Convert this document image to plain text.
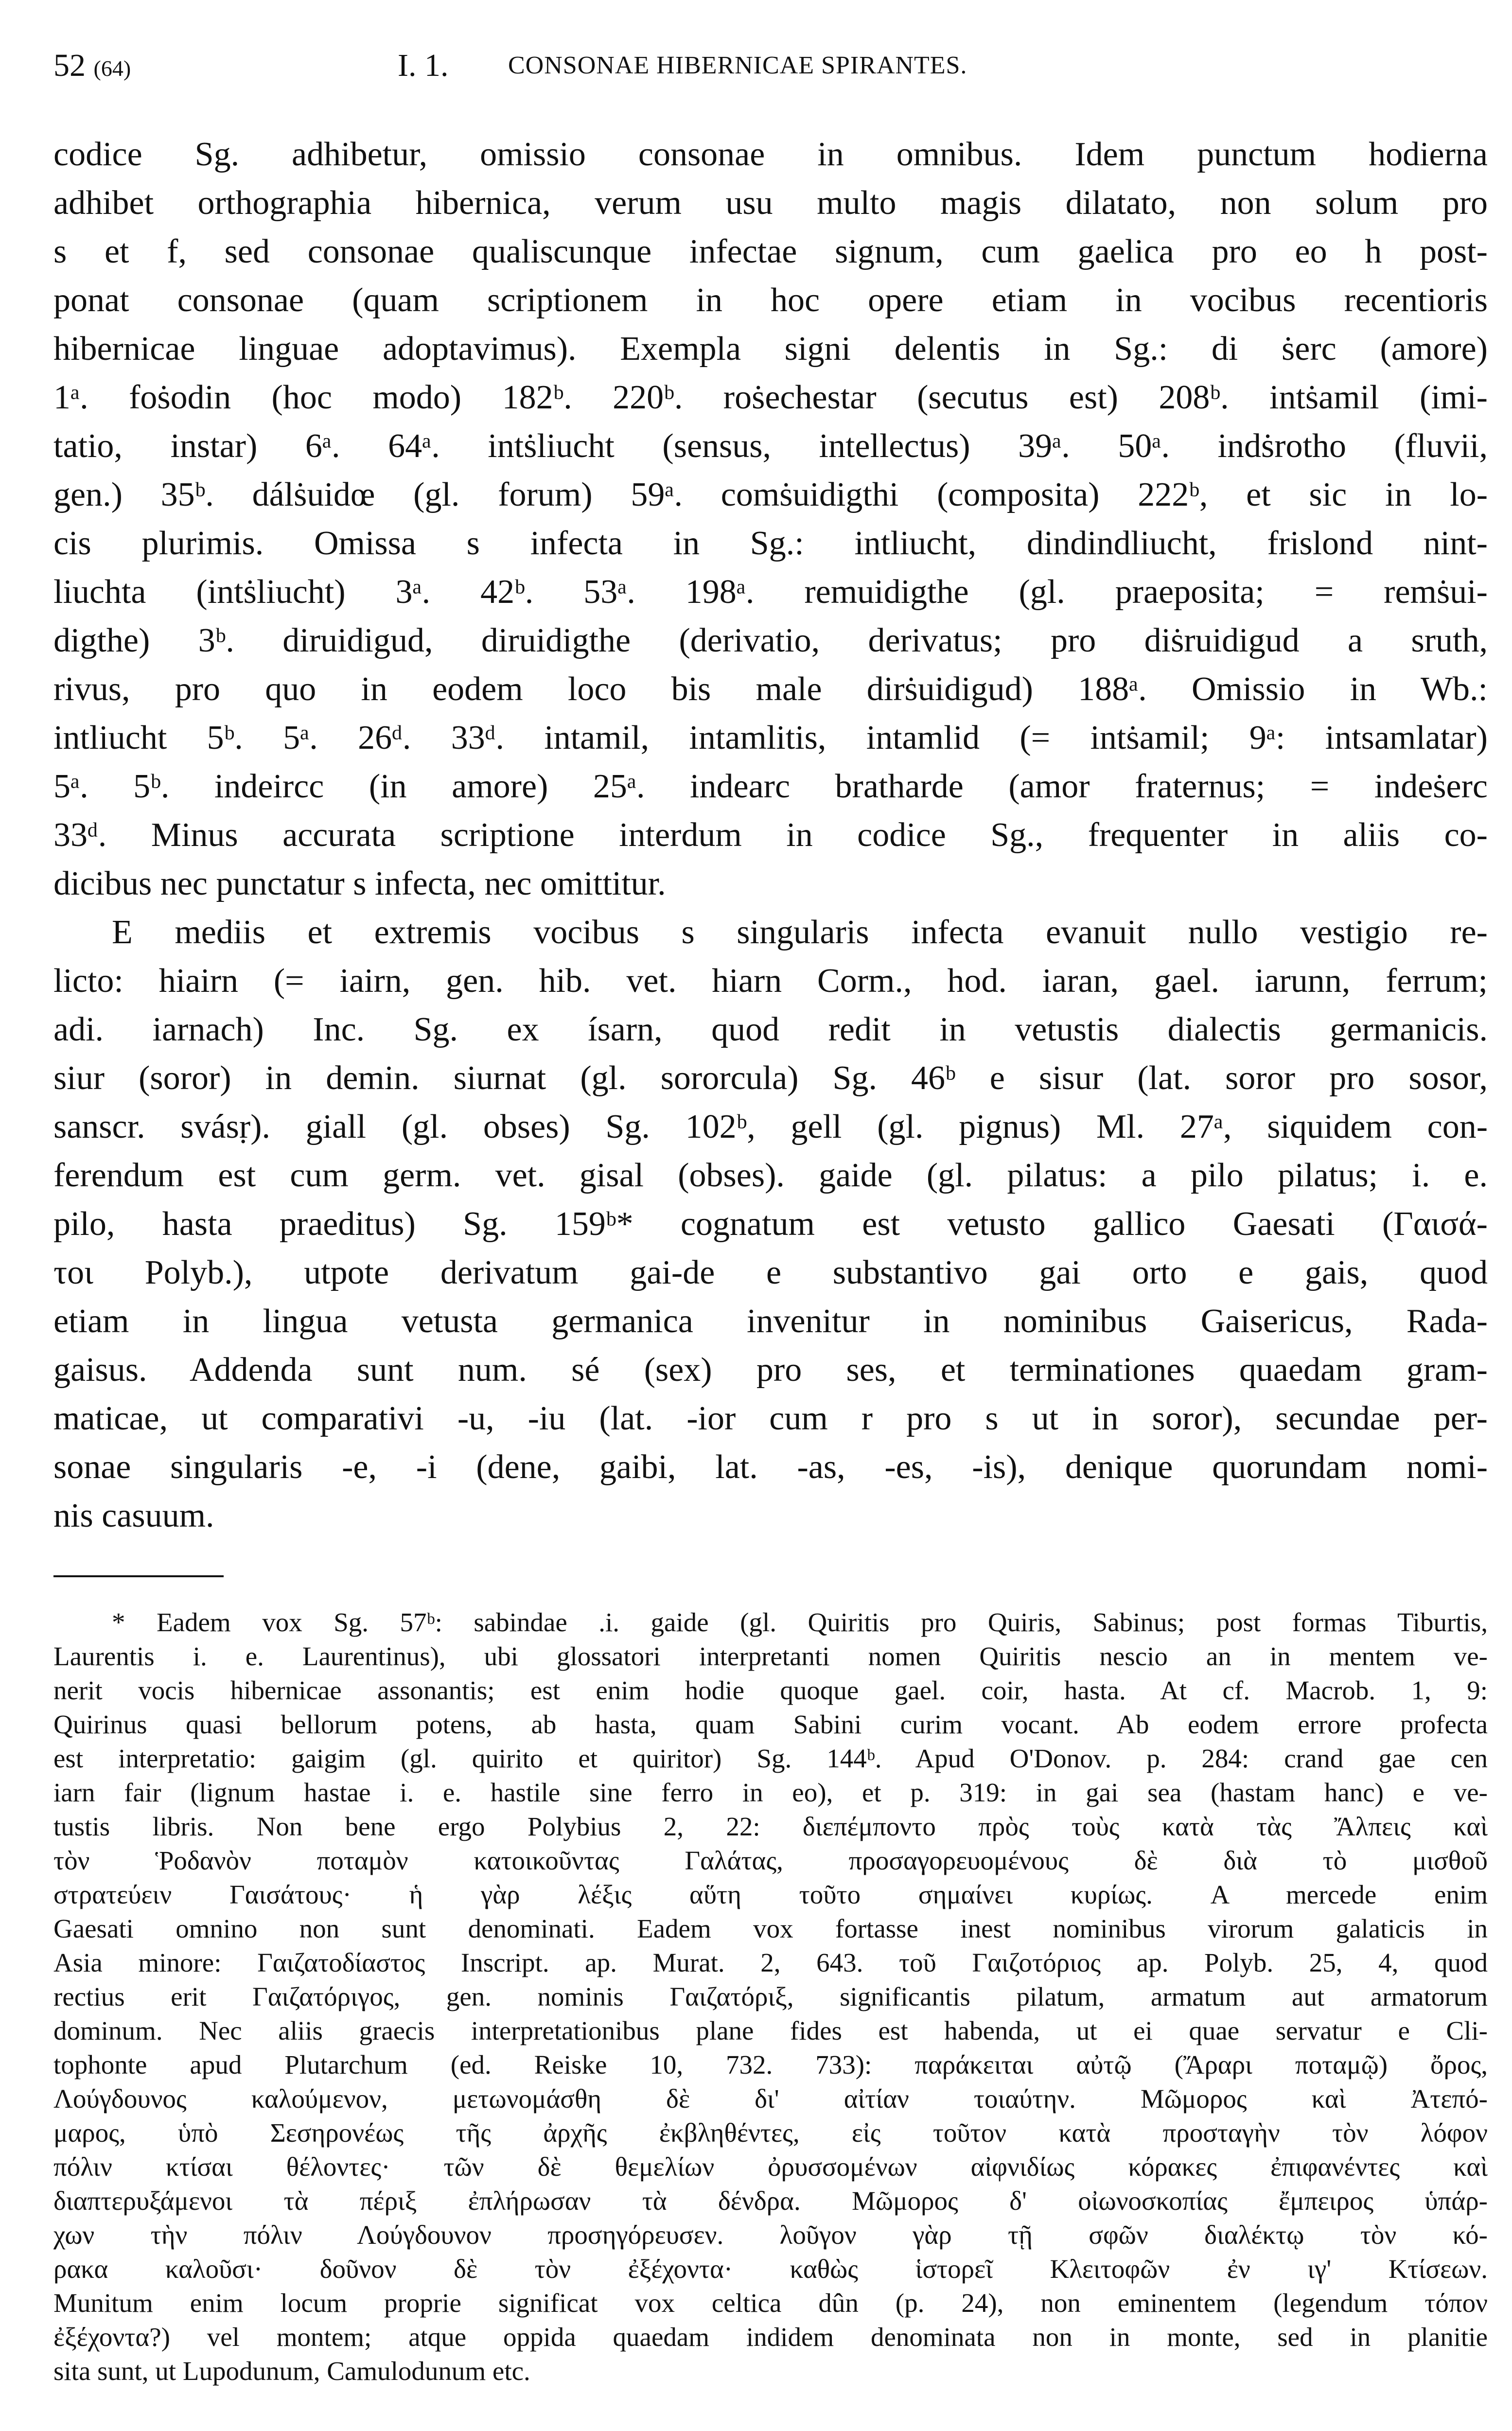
52 (64)	I. 1. CONSONAE HIBERNICAE SPIRANTES.
codice Sg. adhibetur, omissio consonae in omnibus. Idem punctum hodierna
adhibet orthographia hibernica, verum usu multo magis dilatato, non solum pro
s et f, sed consonae qualiscunque infectae signum, cum gaelica pro eo h post-
ponat consonae (quam scriptionem in hoc opere etiam in vocibus recentioris
hibernicae linguae adoptavimus). Exempla signi delentis in Sg.: di ṡerc (amore)
1ᵃ. foṡodin (hoc modo) 182ᵇ. 220ᵇ. roṡechestar (secutus est) 208ᵇ. intṡamil (imi-
tatio, instar) 6ᵃ. 64ᵃ. intṡliucht (sensus, intellectus) 39ᵃ. 50ᵃ. indṡrotho (fluvii,
gen.) 35ᵇ. dálṡuidœ (gl. forum) 59ᵃ. comṡuidigthi (composita) 222ᵇ, et sic in lo-
cis plurimis. Omissa s infecta in Sg.: intliucht, dindindliucht, frislond nint-
liuchta (intṡliucht) 3ᵃ. 42ᵇ. 53ᵃ. 198ᵃ. remuidigthe (gl. praeposita; = remṡui-
digthe) 3ᵇ. diruidigud, diruidigthe (derivatio, derivatus; pro diṡruidigud a sruth,
rivus, pro quo in eodem loco bis male dirṡuidigud) 188ᵃ. Omissio in Wb.:
intliucht 5ᵇ. 5ᵃ. 26ᵈ. 33ᵈ. intamil, intamlitis, intamlid (= intṡamil; 9ᵃ: intsamlatar)
5ᵃ. 5ᵇ. indeircc (in amore) 25ᵃ. indearc bratharde (amor fraternus; = indeṡerc
33ᵈ. Minus accurata scriptione interdum in codice Sg., frequenter in aliis co-
dicibus nec punctatur s infecta, nec omittitur.
E mediis et extremis vocibus s singularis infecta evanuit nullo vestigio re-
licto: hiairn (= iairn, gen. hib. vet. hiarn Corm., hod. iaran, gael. iarunn, ferrum;
adi. iarnach) Inc. Sg. ex ísarn, quod redit in vetustis dialectis germanicis.
siur (soror) in demin. siurnat (gl. sororcula) Sg. 46ᵇ e sisur (lat. soror pro sosor,
sanscr. svásṛ). giall (gl. obses) Sg. 102ᵇ, gell (gl. pignus) Ml. 27ᵃ, siquidem con-
ferendum est cum germ. vet. gisal (obses). gaide (gl. pilatus: a pilo pilatus; i. e.
pilo, hasta praeditus) Sg. 159ᵇ* cognatum est vetusto gallico Gaesati (Γαισά-
τοι Polyb.), utpote derivatum gai-de e substantivo gai orto e gais, quod
etiam in lingua vetusta germanica invenitur in nominibus Gaisericus, Rada-
gaisus. Addenda sunt num. sé (sex) pro ses, et terminationes quaedam gram-
maticae, ut comparativi -u, -iu (lat. -ior cum r pro s ut in soror), secundae per-
sonae singularis -e, -i (dene, gaibi, lat. -as, -es, -is), denique quorundam nomi-
nis casuum.
* Eadem vox Sg. 57ᵇ: sabindae .i. gaide (gl. Quiritis pro Quiris, Sabinus; post formas Tiburtis,
Laurentis i. e. Laurentinus), ubi glossatori interpretanti nomen Quiritis nescio an in mentem ve-
nerit vocis hibernicae assonantis; est enim hodie quoque gael. coir, hasta. At cf. Macrob. 1, 9:
Quirinus quasi bellorum potens, ab hasta, quam Sabini curim vocant. Ab eodem errore profecta
est interpretatio: gaigim (gl. quirito et quiritor) Sg. 144ᵇ. Apud O'Donov. p. 284: crand gae cen
iarn fair (lignum hastae i. e. hastile sine ferro in eo), et p. 319: in gai sea (hastam hanc) e ve-
tustis libris. Non bene ergo Polybius 2, 22: διεπέμποντο πρὸς τοὺς κατὰ τὰς Ἄλπεις καὶ
τὸν Ῥοδανὸν ποταμὸν κατοικοῦντας Γαλάτας, προσαγορευομένους δὲ διὰ τὸ μισθοῦ
στρατεύειν Γαισάτους· ἡ γὰρ λέξις αὕτη τοῦτο σημαίνει κυρίως. A mercede enim
Gaesati omnino non sunt denominati. Eadem vox fortasse inest nominibus virorum galaticis in
Asia minore: Γαιζατοδίαστος Inscript. ap. Murat. 2, 643. τοῦ Γαιζοτόριος ap. Polyb. 25, 4, quod
rectius erit Γαιζατόριγος, gen. nominis Γαιζατόριξ, significantis pilatum, armatum aut armatorum
dominum. Nec aliis graecis interpretationibus plane fides est habenda, ut ei quae servatur e Cli-
tophonte apud Plutarchum (ed. Reiske 10, 732. 733): παράκειται αὐτῷ (Ἄραρι ποταμῷ) ὄρος,
Λούγδουνος καλούμενον, μετωνομάσθη δὲ δι' αἰτίαν τοιαύτην. Μῶμορος καὶ Ἀτεπό-
μαρος, ὑπὸ Σεσηρονέως τῆς ἀρχῆς ἐκβληθέντες, εἰς τοῦτον κατὰ προσταγὴν τὸν λόφον
πόλιν κτίσαι θέλοντες· τῶν δὲ θεμελίων ὀρυσσομένων αἰφνιδίως κόρακες ἐπιφανέντες καὶ
διαπτερυξάμενοι τὰ πέριξ ἐπλήρωσαν τὰ δένδρα. Μῶμορος δ' οἰωνοσκοπίας ἔμπειρος ὑπάρ-
χων τὴν πόλιν Λούγδουνον προσηγόρευσεν. λοῦγον γὰρ τῇ σφῶν διαλέκτῳ τὸν κό-
ρακα καλοῦσι· δοῦνον δὲ τὸν ἐξέχοντα· καθὼς ἱστορεῖ Κλειτοφῶν ἐν ιγ' Κτίσεων.
Munitum enim locum proprie significat vox celtica dûn (p. 24), non eminentem (legendum τόπον
ἐξέχοντα?) vel montem; atque oppida quaedam indidem denominata non in monte, sed in planitie
sita sunt, ut Lupodunum, Camulodunum etc.
